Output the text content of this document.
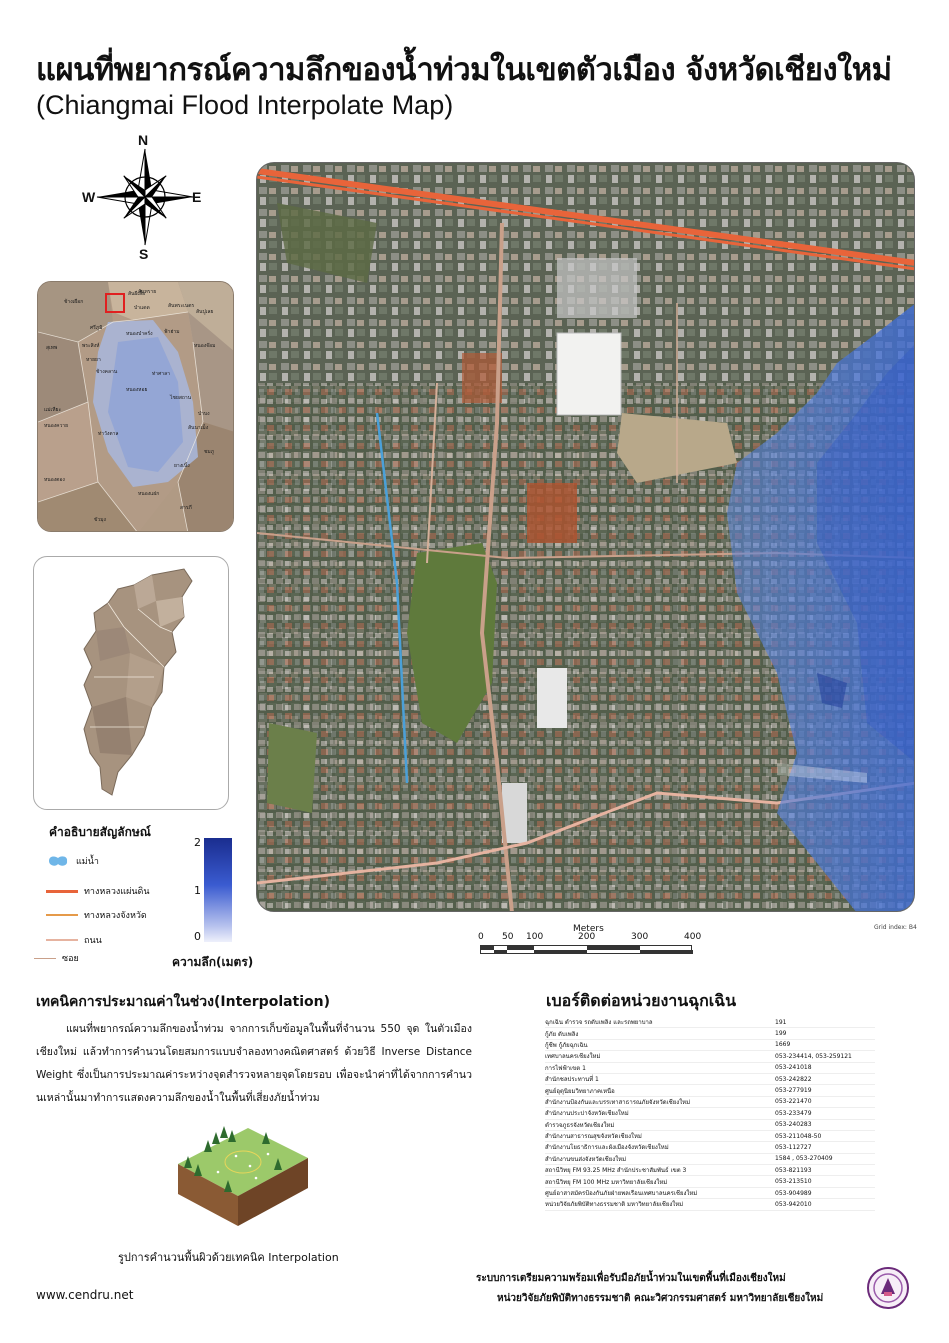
แผนที่พยากรณ์ความลึกของน้ำท่วมในเขตตัวเมือง จังหวัดเชียงใหม่
(Chiangmai Flood Interpolate Map)
N
S
E
W
สันทราย
ช้างเผือก
ศรีภูมิ
พระสิงห์
หายยา
สุเทพ
แม่เหียะ
หนองควาย
ช้างคลาน
หนองหอย
ท่าศาลา
ป่าแดด
หนองป่าครั่ง ฟ้าฮ่าม
หนองจ๊อม
สันพระเนตร
สันผีเสื้อ
ไชยสถาน
สันนาเม็ง
ป่าบง
สันปูเลย
ท่าวังตาล
หนองแฝก
สารภี
ขัวมุง
ยางเนิ้ง
หนองตอง
ชมภู
คำอธิบายสัญลักษณ์
แม่น้ำ
ทางหลวงแผ่นดิน
ทางหลวงจังหวัด
ถนน
ซอย
2
1
0
ความลึก(เมตร)
Meters
0 50 100	200	300	400
Grid index: B4
เทคนิคการประมาณค่าในช่วง(Interpolation)
แผนที่พยากรณ์ความลึกของน้ำท่วม จากการเก็บข้อมูลในพื้นที่จำนวน 550 จุด ในตัวเมืองเชียงใหม่ แล้วทำการคำนวนโดยสมการแบบจำลองทางคณิตศาสตร์ ด้วยวิธี Inverse Distance Weight ซึ่งเป็นการประมาณค่าระหว่างจุดสำรวจหลายจุดโดยรอบ เพื่อจะนำค่าที่ได้จากการคำนวนเหล่านั้นมาทำการแสดงความลึกของน้ำในพื้นที่เสี่ยงภัยน้ำท่วม
รูปการคำนวนพื้นผิวด้วยเทคนิค Interpolation
เบอร์ติดต่อหน่วยงานฉุกเฉิน
ฉุกเฉิน ตำรวจ รถดับเพลิง และรถพยาบาล	191
กู้ภัย ดับเพลิง	199
กู้ชีพ กู้ภัยฉุกเฉิน	1669
เทศบาลนครเชียงใหม่	053-234414, 053-259121
การไฟฟ้าเขต 1	053-241018
สำนักชลประทานที่ 1	053-242822
ศูนย์อุตุนิยมวิทยาภาคเหนือ	053-277919
สำนักงานป้องกันและบรรเทาสาธารณภัยจังหวัดเชียงใหม่	053-221470
สำนักงานประปาจังหวัดเชียงใหม่	053-233479
ตำรวจภูธรจังหวัดเชียงใหม่	053-240283
สำนักงานสาธารณสุขจังหวัดเชียงใหม่	053-211048-50
สำนักงานโยธาธิการและผังเมืองจังหวัดเชียงใหม่	053-112727
สำนักงานขนส่งจังหวัดเชียงใหม่	1584 , 053-270409
สถานีวิทยุ FM 93.25 MHz สำนักประชาสัมพันธ์ เขต 3	053-821193
สถานีวิทยุ FM 100 MHz มหาวิทยาลัยเชียงใหม่	053-213510
ศูนย์อาสาสมัครป้องกันภัยฝ่ายพลเรือนเทศบาลนครเชียงใหม่	053-904989
หน่วยวิจัยภัยพิบัติทางธรรมชาติ มหาวิทยาลัยเชียงใหม่	053-942010
ระบบการเตรียมความพร้อมเพื่อรับมือภัยน้ำท่วมในเขตพื้นที่เมืองเชียงใหม่
หน่วยวิจัยภัยพิบัติทางธรรมชาติ คณะวิศวกรรมศาสตร์ มหาวิทยาลัยเชียงใหม่
www.cendru.net
